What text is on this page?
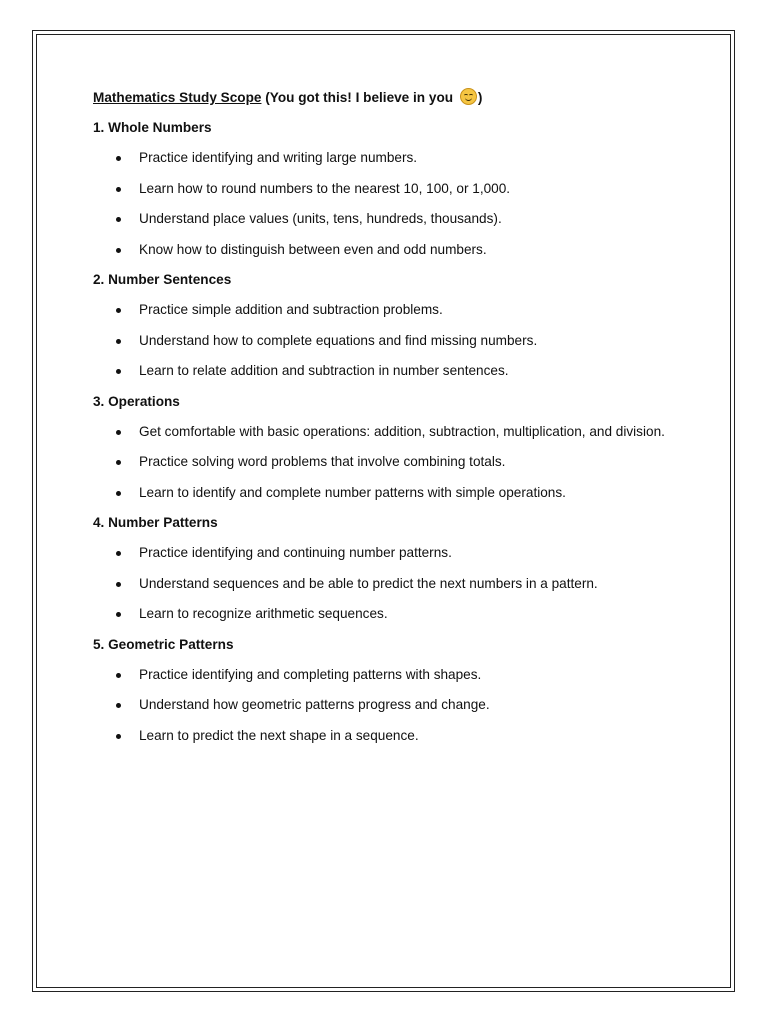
Mathematics Study Scope (You got this! I believe in you
)
1. Whole Numbers
Practice identifying and writing large numbers.
Learn how to round numbers to the nearest 10, 100, or 1,000.
Understand place values (units, tens, hundreds, thousands).
Know how to distinguish between even and odd numbers.
2. Number Sentences
Practice simple addition and subtraction problems.
Understand how to complete equations and find missing numbers.
Learn to relate addition and subtraction in number sentences.
3. Operations
Get comfortable with basic operations: addition, subtraction, multiplication, and division.
Practice solving word problems that involve combining totals.
Learn to identify and complete number patterns with simple operations.
4. Number Patterns
Practice identifying and continuing number patterns.
Understand sequences and be able to predict the next numbers in a pattern.
Learn to recognize arithmetic sequences.
5. Geometric Patterns
Practice identifying and completing patterns with shapes.
Understand how geometric patterns progress and change.
Learn to predict the next shape in a sequence.
